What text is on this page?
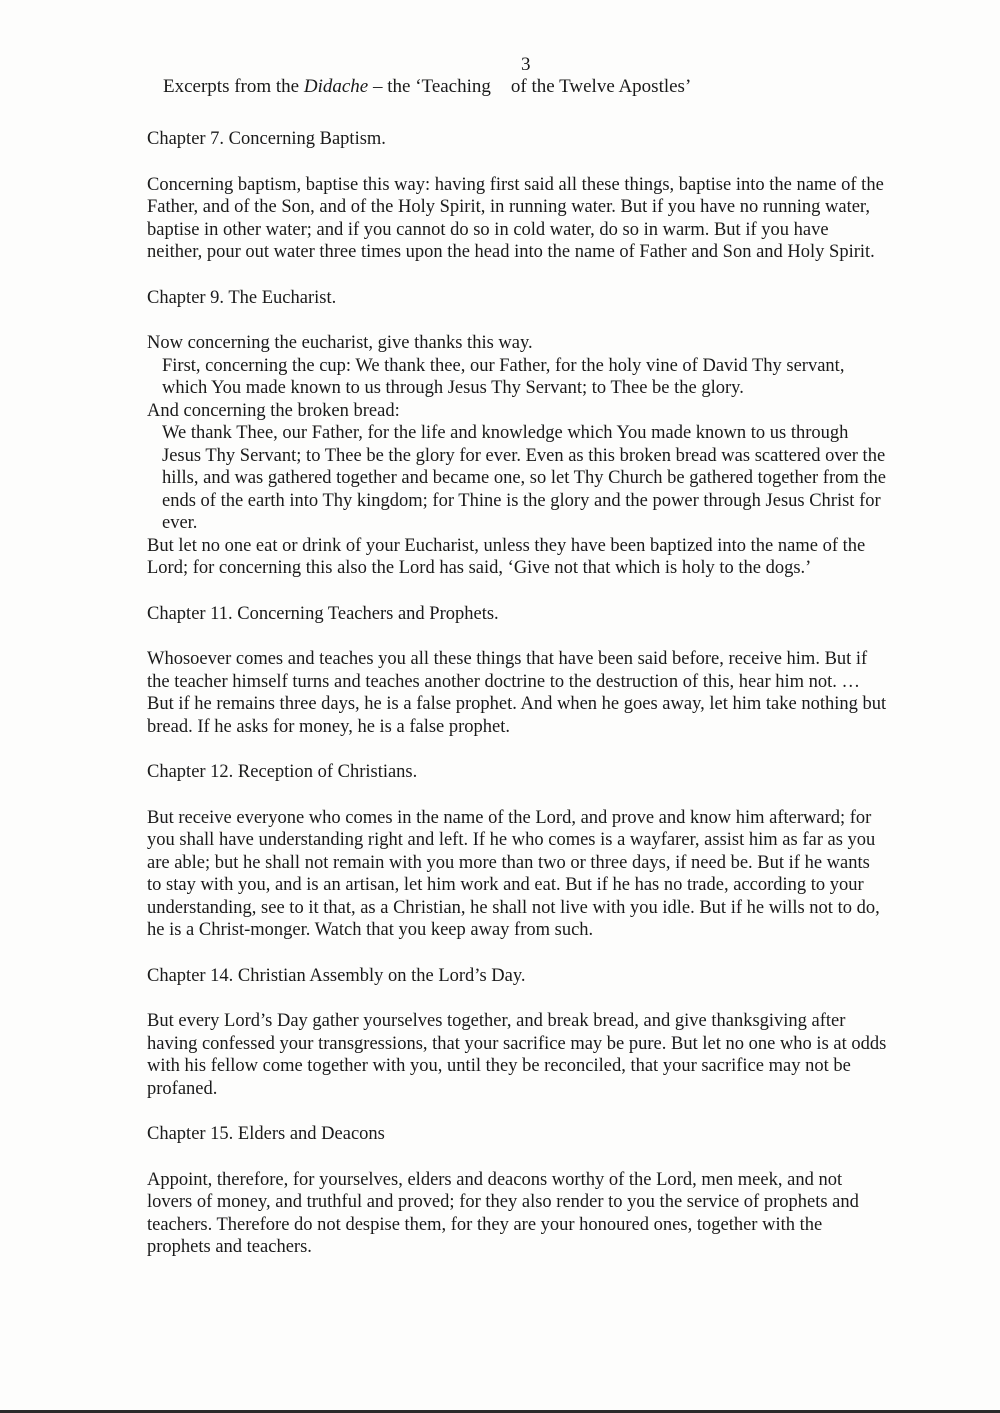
3
Excerpts from the Didache – the ‘Teaching of the Twelve Apostles’

Chapter 7. Concerning Baptism.

Concerning baptism, baptise this way: having first said all these things, baptise into the name of the Father, and of the Son, and of the Holy Spirit, in running water. But if you have no running water, baptise in other water; and if you cannot do so in cold water, do so in warm. But if you have neither, pour out water three times upon the head into the name of Father and Son and Holy Spirit.

Chapter 9. The Eucharist.

Now concerning the eucharist, give thanks this way.

First, concerning the cup: We thank thee, our Father, for the holy vine of David Thy servant, which You made known to us through Jesus Thy Servant; to Thee be the glory.

And concerning the broken bread:

We thank Thee, our Father, for the life and knowledge which You made known to us through Jesus Thy Servant; to Thee be the glory for ever. Even as this broken bread was scattered over the hills, and was gathered together and became one, so let Thy Church be gathered together from the ends of the earth into Thy kingdom; for Thine is the glory and the power through Jesus Christ for ever.

But let no one eat or drink of your Eucharist, unless they have been baptized into the name of the Lord; for concerning this also the Lord has said, ‘Give not that which is holy to the dogs.’

Chapter 11. Concerning Teachers and Prophets.

Whosoever comes and teaches you all these things that have been said before, receive him. But if the teacher himself turns and teaches another doctrine to the destruction of this, hear him not. … But if he remains three days, he is a false prophet. And when he goes away, let him take nothing but bread. If he asks for money, he is a false prophet.

Chapter 12. Reception of Christians.

But receive everyone who comes in the name of the Lord, and prove and know him afterward; for you shall have understanding right and left. If he who comes is a wayfarer, assist him as far as you are able; but he shall not remain with you more than two or three days, if need be. But if he wants to stay with you, and is an artisan, let him work and eat. But if he has no trade, according to your understanding, see to it that, as a Christian, he shall not live with you idle. But if he wills not to do, he is a Christ-monger. Watch that you keep away from such.

Chapter 14. Christian Assembly on the Lord’s Day.

But every Lord’s Day gather yourselves together, and break bread, and give thanksgiving after having confessed your transgressions, that your sacrifice may be pure. But let no one who is at odds with his fellow come together with you, until they be reconciled, that your sacrifice may not be profaned.

Chapter 15. Elders and Deacons

Appoint, therefore, for yourselves, elders and deacons worthy of the Lord, men meek, and not lovers of money, and truthful and proved; for they also render to you the service of prophets and teachers. Therefore do not despise them, for they are your honoured ones, together with the prophets and teachers.
